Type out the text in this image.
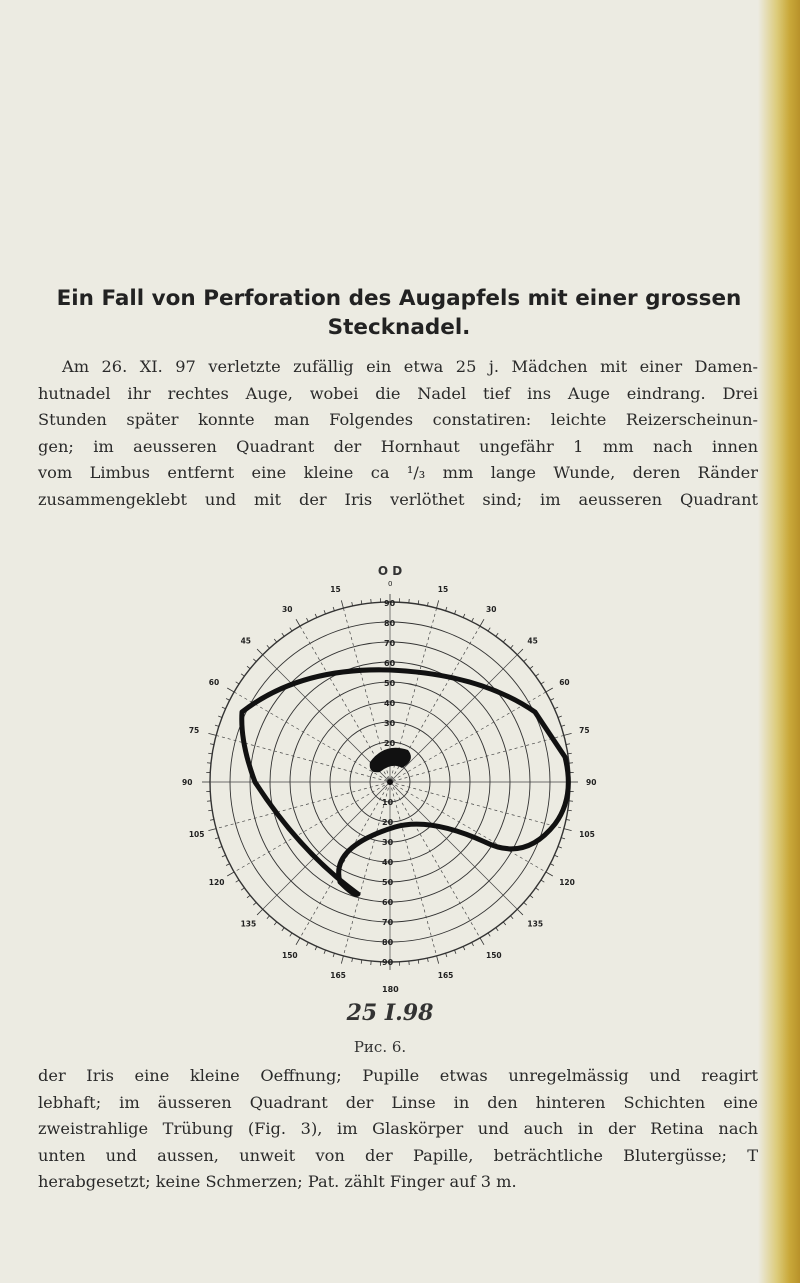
Ein Fall von Perforation des Augapfels mit einer grossen
Stecknadel.
Am 26. XI. 97 verletzte zufällig ein etwa 25 j. Mädchen mit einer Damen-
hutnadel ihr rechtes Auge, wobei die Nadel tief ins Auge eindrang. Drei
Stunden später konnte man Folgendes constatiren: leichte Reizerscheinun-
gen; im aeusseren Quadrant der Hornhaut ungefähr 1 mm nach innen
vom Limbus entfernt eine kleine ca ¹/₃ mm lange Wunde, deren Ränder
zusammengeklebt und mit der Iris verlöthet sind; im aeusseren Quadrant
O D
90
80
70
60
50
40
30
20
10
20
30
40
50
60
70
80
90
15
30
45
60
75
90
105
120
135
150
165
15
30
45
60
75
90
105
120
135
150
165
0
180
25 I.98
Рис. 6.
der Iris eine kleine Oeffnung; Pupille etwas unregelmässig und reagirt
lebhaft; im äusseren Quadrant der Linse in den hinteren Schichten eine
zweistrahlige Trübung (Fig. 3), im Glaskörper und auch in der Retina nach
unten und aussen, unweit von der Papille, beträchtliche Blutergüsse; T
herabgesetzt; keine Schmerzen; Pat. zählt Finger auf 3 m.
